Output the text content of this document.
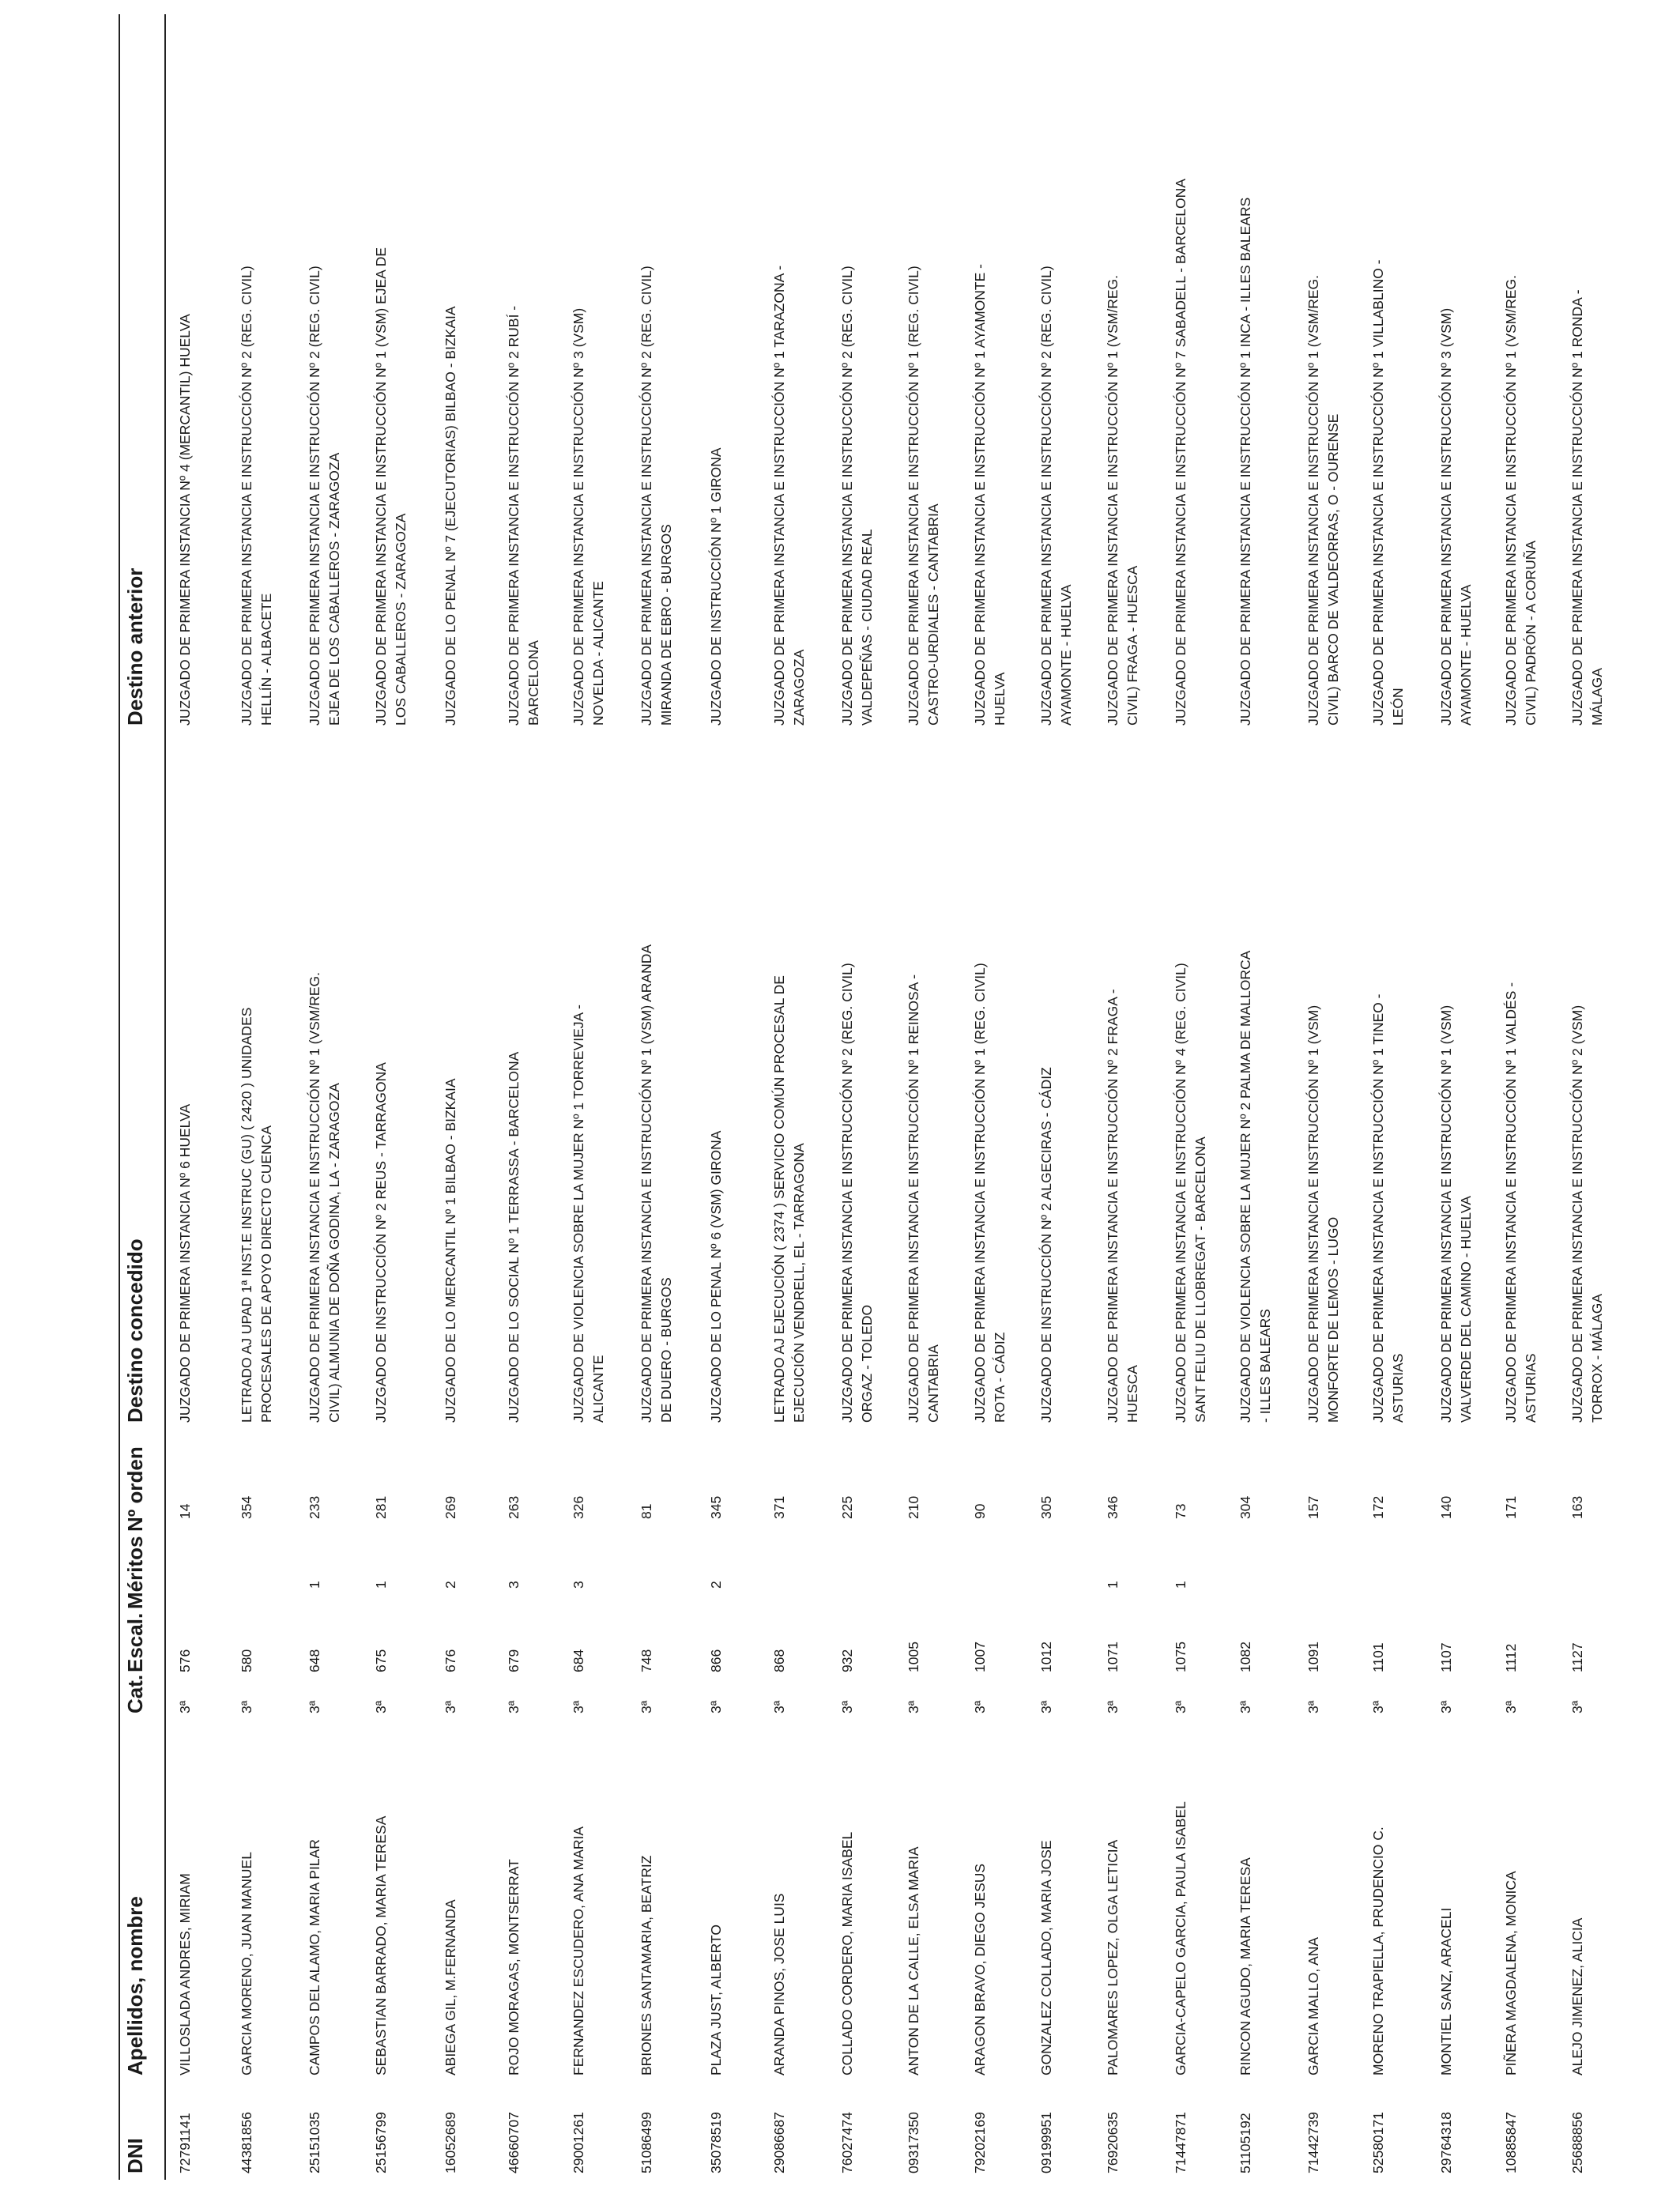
DNI
Apellidos, nombre
Cat.
Escal.
Méritos
Nº orden
Destino concedido
Destino anterior
72791141
VILLOSLADA ANDRES, MIRIAM
3ª
576
14
JUZGADO DE PRIMERA INSTANCIA Nº 6 HUELVA
JUZGADO DE PRIMERA INSTANCIA Nº 4 (MERCANTIL) HUELVA
44381856
GARCIA MORENO, JUAN MANUEL
3ª
580
354
LETRADO AJ UPAD 1ª INST.E INSTRUC (GU) ( 2420 ) UNIDADES
PROCESALES DE APOYO DIRECTO CUENCA
JUZGADO DE PRIMERA INSTANCIA E INSTRUCCIÓN Nº 2 (REG. CIVIL)
HELLÍN - ALBACETE
25151035
CAMPOS DEL ALAMO, MARIA PILAR
3ª
648
1
233
JUZGADO DE PRIMERA INSTANCIA E INSTRUCCIÓN Nº 1 (VSM/REG.
CIVIL) ALMUNIA DE DOÑA GODINA, LA - ZARAGOZA
JUZGADO DE PRIMERA INSTANCIA E INSTRUCCIÓN Nº 2 (REG. CIVIL)
EJEA DE LOS CABALLEROS - ZARAGOZA
25156799
SEBASTIAN BARRADO, MARIA TERESA
3ª
675
1
281
JUZGADO DE INSTRUCCIÓN Nº 2 REUS - TARRAGONA
JUZGADO DE PRIMERA INSTANCIA E INSTRUCCIÓN Nº 1 (VSM) EJEA DE
LOS CABALLEROS - ZARAGOZA
16052689
ABIEGA GIL, M.FERNANDA
3ª
676
2
269
JUZGADO DE LO MERCANTIL Nº 1 BILBAO - BIZKAIA
JUZGADO DE LO PENAL Nº 7 (EJECUTORIAS) BILBAO - BIZKAIA
46660707
ROJO MORAGAS, MONTSERRAT
3ª
679
3
263
JUZGADO DE LO SOCIAL Nº 1 TERRASSA - BARCELONA
JUZGADO DE PRIMERA INSTANCIA E INSTRUCCIÓN Nº 2 RUBÍ -
BARCELONA
29001261
FERNANDEZ ESCUDERO, ANA MARIA
3ª
684
3
326
JUZGADO DE VIOLENCIA SOBRE LA MUJER Nº 1 TORREVIEJA -
ALICANTE
JUZGADO DE PRIMERA INSTANCIA E INSTRUCCIÓN Nº 3 (VSM)
NOVELDA - ALICANTE
51086499
BRIONES SANTAMARIA, BEATRIZ
3ª
748
81
JUZGADO DE PRIMERA INSTANCIA E INSTRUCCIÓN Nº 1 (VSM) ARANDA
DE DUERO - BURGOS
JUZGADO DE PRIMERA INSTANCIA E INSTRUCCIÓN Nº 2 (REG. CIVIL)
MIRANDA DE EBRO - BURGOS
35078519
PLAZA JUST, ALBERTO
3ª
866
2
345
JUZGADO DE LO PENAL Nº 6 (VSM) GIRONA
JUZGADO DE INSTRUCCIÓN Nº 1 GIRONA
29086687
ARANDA PINOS, JOSE LUIS
3ª
868
371
LETRADO AJ EJECUCIÓN ( 2374 ) SERVICIO COMÚN PROCESAL DE
EJECUCIÓN VENDRELL, EL - TARRAGONA
JUZGADO DE PRIMERA INSTANCIA E INSTRUCCIÓN Nº 1 TARAZONA -
ZARAGOZA
76027474
COLLADO CORDERO, MARIA ISABEL
3ª
932
225
JUZGADO DE PRIMERA INSTANCIA E INSTRUCCIÓN Nº 2 (REG. CIVIL)
ORGAZ - TOLEDO
JUZGADO DE PRIMERA INSTANCIA E INSTRUCCIÓN Nº 2 (REG. CIVIL)
VALDEPEÑAS - CIUDAD REAL
09317350
ANTON DE LA CALLE, ELSA MARIA
3ª
1005
210
JUZGADO DE PRIMERA INSTANCIA E INSTRUCCIÓN Nº 1 REINOSA -
CANTABRIA
JUZGADO DE PRIMERA INSTANCIA E INSTRUCCIÓN Nº 1 (REG. CIVIL)
CASTRO-URDIALES - CANTABRIA
79202169
ARAGON BRAVO, DIEGO JESUS
3ª
1007
90
JUZGADO DE PRIMERA INSTANCIA E INSTRUCCIÓN Nº 1 (REG. CIVIL)
ROTA - CÁDIZ
JUZGADO DE PRIMERA INSTANCIA E INSTRUCCIÓN Nº 1 AYAMONTE -
HUELVA
09199951
GONZALEZ COLLADO, MARIA JOSE
3ª
1012
305
JUZGADO DE INSTRUCCIÓN Nº 2 ALGECIRAS - CÁDIZ
JUZGADO DE PRIMERA INSTANCIA E INSTRUCCIÓN Nº 2 (REG. CIVIL)
AYAMONTE - HUELVA
76920635
PALOMARES LOPEZ, OLGA LETICIA
3ª
1071
1
346
JUZGADO DE PRIMERA INSTANCIA E INSTRUCCIÓN Nº 2 FRAGA -
HUESCA
JUZGADO DE PRIMERA INSTANCIA E INSTRUCCIÓN Nº 1 (VSM/REG.
CIVIL) FRAGA - HUESCA
71447871
GARCIA-CAPELO GARCIA, PAULA ISABEL
3ª
1075
1
73
JUZGADO DE PRIMERA INSTANCIA E INSTRUCCIÓN Nº 4 (REG. CIVIL)
SANT FELIU DE LLOBREGAT - BARCELONA
JUZGADO DE PRIMERA INSTANCIA E INSTRUCCIÓN Nº 7 SABADELL - BARCELONA
51105192
RINCON AGUDO, MARIA TERESA
3ª
1082
304
JUZGADO DE VIOLENCIA SOBRE LA MUJER Nº 2 PALMA DE MALLORCA
- ILLES BALEARS
JUZGADO DE PRIMERA INSTANCIA E INSTRUCCIÓN Nº 1 INCA - ILLES BALEARS
71442739
GARCIA MALLO, ANA
3ª
1091
157
JUZGADO DE PRIMERA INSTANCIA E INSTRUCCIÓN Nº 1 (VSM)
MONFORTE DE LEMOS - LUGO
JUZGADO DE PRIMERA INSTANCIA E INSTRUCCIÓN Nº 1 (VSM/REG.
CIVIL) BARCO DE VALDEORRAS, O - OURENSE
52580171
MORENO TRAPIELLA, PRUDENCIO C.
3ª
1101
172
JUZGADO DE PRIMERA INSTANCIA E INSTRUCCIÓN Nº 1 TINEO -
ASTURIAS
JUZGADO DE PRIMERA INSTANCIA E INSTRUCCIÓN Nº 1 VILLABLINO -
LEÓN
29764318
MONTIEL SANZ, ARACELI
3ª
1107
140
JUZGADO DE PRIMERA INSTANCIA E INSTRUCCIÓN Nº 1 (VSM)
VALVERDE DEL CAMINO - HUELVA
JUZGADO DE PRIMERA INSTANCIA E INSTRUCCIÓN Nº 3 (VSM)
AYAMONTE - HUELVA
10885847
PIÑERA MAGDALENA, MONICA
3ª
1112
171
JUZGADO DE PRIMERA INSTANCIA E INSTRUCCIÓN Nº 1 VALDÉS -
ASTURIAS
JUZGADO DE PRIMERA INSTANCIA E INSTRUCCIÓN Nº 1 (VSM/REG.
CIVIL) PADRÓN - A CORUÑA
25688856
ALEJO JIMENEZ, ALICIA
3ª
1127
163
JUZGADO DE PRIMERA INSTANCIA E INSTRUCCIÓN Nº 2 (VSM)
TORROX - MÁLAGA
JUZGADO DE PRIMERA INSTANCIA E INSTRUCCIÓN Nº 1 RONDA -
MÁLAGA
